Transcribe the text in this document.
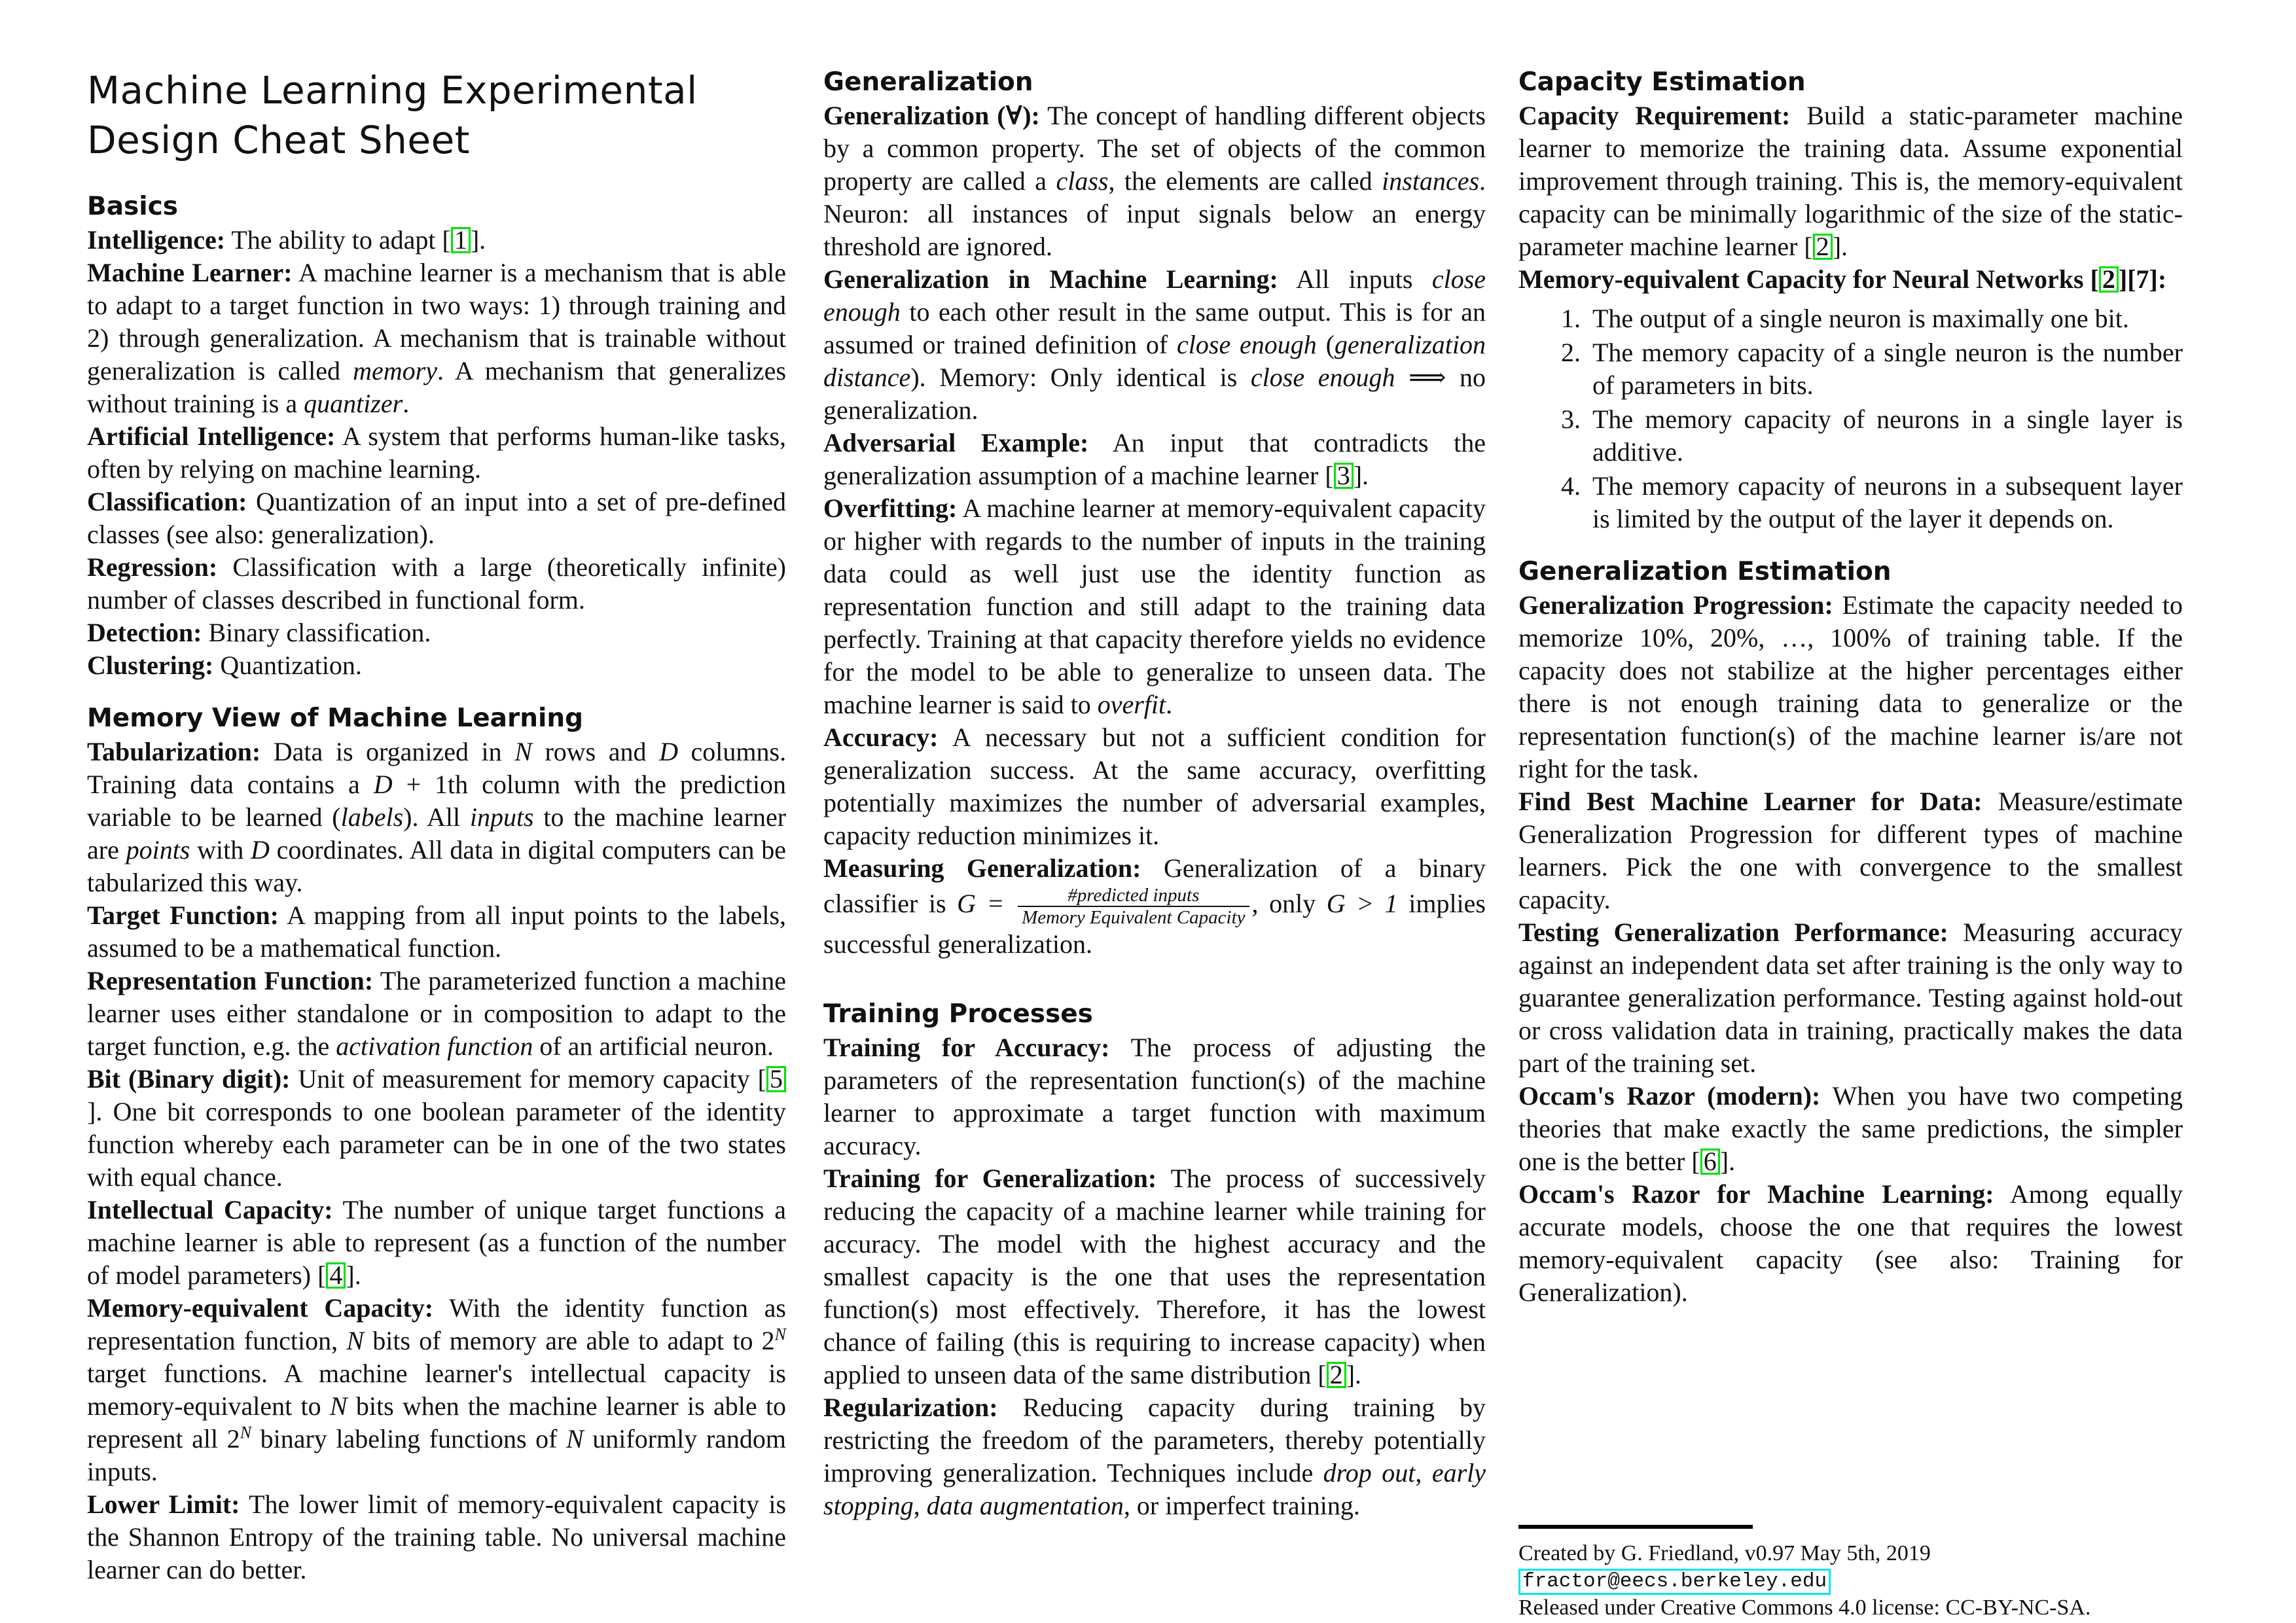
Machine Learning Experimental Design Cheat Sheet
Basics

Intelligence: The ability to adapt [ 1 ].

Machine Learner: A machine learner is a mechanism that is able to adapt to a target function in two ways: 1) through training and 2) through generalization. A mechanism that is trainable without generalization is called memory. A mechanism that generalizes without training is a quantizer.

Artificial Intelligence: A system that performs human-like tasks, often by relying on machine learning.

Classification: Quantization of an input into a set of pre-defined classes (see also: generalization).

Regression: Classification with a large (theoretically infinite) number of classes described in functional form.

Detection: Binary classification.

Clustering: Quantization.

Memory View of Machine Learning

Tabularization: Data is organized in N rows and D columns. Training data contains a D + 1th column with the prediction variable to be learned (labels). All inputs to the machine learner are points with D coordinates. All data in digital computers can be tabularized this way.

Target Function: A mapping from all input points to the labels, assumed to be a mathematical function.

Representation Function: The parameterized function a machine learner uses either standalone or in composition to adapt to the target function, e.g. the activation function of an artificial neuron.

Bit (Binary digit): Unit of measurement for memory capacity [ 5]. One bit corresponds to one boolean parameter of the identity function whereby each parameter can be in one of the two states with equal chance.

Intellectual Capacity: The number of unique target functions a machine learner is able to represent (as a function of the number of model parameters) [ 4 ].

Memory-equivalent Capacity: With the identity function as representation function, N bits of memory are able to adapt to $2^N$ target functions. A machine learner's intellectual capacity is memory-equivalent to N bits when the machine learner is able to represent all $2^N$ binary labeling functions of N uniformly random inputs.

Lower Limit: The lower limit of memory-equivalent capacity is the Shannon Entropy of the training table. No universal machine learner can do better.

Generalization

Generalization (∀): The concept of handling different objects by a common property. The set of objects of the common property are called a class, the elements are called instances. Neuron: all instances of input signals below an energy threshold are ignored.

Generalization in Machine Learning: All inputs close enough to each other result in the same output. This is for an assumed or trained definition of close enough (generalization distance). Memory: Only identical is close enough ⟹ no generalization.

Adversarial Example: An input that contradicts the generalization assumption of a machine learner [ 3 ].

Overfitting: A machine learner at memory-equivalent capacity or higher with regards to the number of inputs in the training data could as well just use the identity function as representation function and still adapt to the training data perfectly. Training at that capacity therefore yields no evidence for the model to be able to generalize to unseen data. The machine learner is said to overfit.

Accuracy: A necessary but not a sufficient condition for generalization success. At the same accuracy, overfitting potentially maximizes the number of adversarial examples, capacity reduction minimizes it.

Measuring Generalization: Generalization of a binary classifier is $G = \frac{\text{\#predicted inputs}}{\text{Memory Equivalent Capacity}}$ , only G > 1 implies successful generalization.

Training Processes

Training for Accuracy: The process of adjusting the parameters of the representation function(s) of the machine learner to approximate a target function with maximum accuracy.

Training for Generalization: The process of successively reducing the capacity of a machine learner while training for accuracy. The model with the highest accuracy and the smallest capacity is the one that uses the representation function(s) most effectively. Therefore, it has the lowest chance of failing (this is requiring to increase capacity) when applied to unseen data of the same distribution [ 2 ].

Regularization: Reducing capacity during training by restricting the freedom of the parameters, thereby potentially improving generalization. Techniques include drop out, early stopping, data augmentation, or imperfect training.

Capacity Estimation

Capacity Requirement: Build a static-parameter machine learner to memorize the training data. Assume exponential improvement through training. This is, the memory-equivalent capacity can be minimally logarithmic of the size of the static-parameter machine learner [ 2 ].

Memory-equivalent Capacity for Neural Networks [ 2 ][7]:

1. The output of a single neuron is maximally one bit.
2. The memory capacity of a single neuron is the number of parameters in bits.
3. The memory capacity of neurons in a single layer is additive.
4. The memory capacity of neurons in a subsequent layer is limited by the output of the layer it depends on.
Generalization Estimation

Generalization Progression: Estimate the capacity needed to memorize 10%, 20%, …, 100% of training table. If the capacity does not stabilize at the higher percentages either there is not enough training data to generalize or the representation function(s) of the machine learner is/are not right for the task.

Find Best Machine Learner for Data: Measure/estimate Generalization Progression for different types of machine learners. Pick the one with convergence to the smallest capacity.

Testing Generalization Performance: Measuring accuracy against an independent data set after training is the only way to guarantee generalization performance. Testing against hold-out or cross validation data in training, practically makes the data part of the training set.

Occam's Razor (modern): When you have two competing theories that make exactly the same predictions, the simpler one is the better [ 6 ].

Occam's Razor for Machine Learning: Among equally accurate models, choose the one that requires the lowest memory-equivalent capacity (see also: Training for Generalization).

Created by G. Friedland, v0.97 May 5th, 2019
fractor@eecs.berkeley.edu
Released under Creative Commons 4.0 license: CC-BY-NC-SA.
